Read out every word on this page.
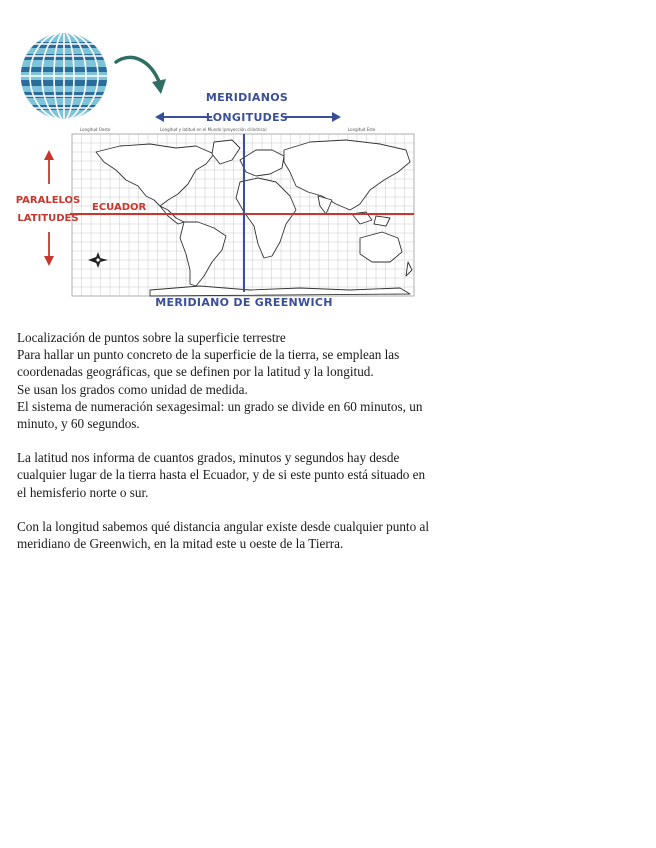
MERIDIANOS
LONGITUDES
Longitud Oeste	Longitud y latitud en el Mundo (proyección cilíndrica)	Longitud Este
ECUADOR
MERIDIANO DE GREENWICH
PARALELOS
LATITUDES

Localización de puntos sobre la superficie terrestre

Para hallar un punto concreto de la superficie de la tierra, se emplean las coordenadas geográficas, que se definen por la latitud y la longitud.

Se usan los grados como unidad de medida.

El sistema de numeración sexagesimal: un grado se divide en 60 minutos, un minuto, y 60 segundos.

La latitud nos informa de cuantos grados, minutos y segundos hay desde cualquier lugar de la tierra hasta el Ecuador, y de si este punto está situado en el hemisferio norte o sur.

Con la longitud sabemos qué distancia angular existe desde cualquier punto al meridiano de Greenwich, en la mitad este u oeste de la Tierra.
